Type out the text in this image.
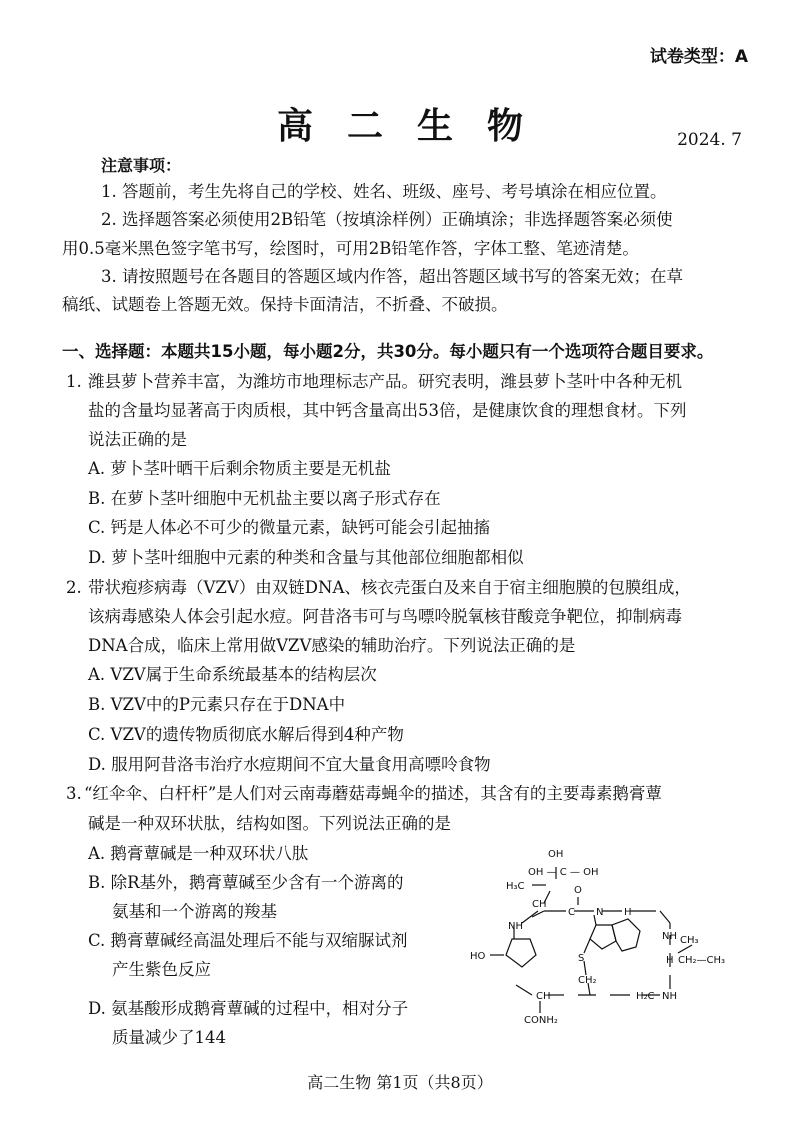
试卷类型：A
高二生物	2024. 7
注意事项：
1. 答题前，考生先将自己的学校、姓名、班级、座号、考号填涂在相应位置。
2. 选择题答案必须使用2B铅笔（按填涂样例）正确填涂；非选择题答案必须使
用0.5毫米黑色签字笔书写，绘图时，可用2B铅笔作答，字体工整、笔迹清楚。
3. 请按照题号在各题目的答题区域内作答，超出答题区域书写的答案无效；在草
稿纸、试题卷上答题无效。保持卡面清洁，不折叠、不破损。
一、选择题：本题共15小题，每小题2分，共30分。每小题只有一个选项符合题目要求。
1. 潍县萝卜营养丰富，为潍坊市地理标志产品。研究表明，潍县萝卜茎叶中各种无机
盐的含量均显著高于肉质根，其中钙含量高出53倍，是健康饮食的理想食材。下列
说法正确的是
A. 萝卜茎叶晒干后剩余物质主要是无机盐
B. 在萝卜茎叶细胞中无机盐主要以离子形式存在
C. 钙是人体必不可少的微量元素，缺钙可能会引起抽搐
D. 萝卜茎叶细胞中元素的种类和含量与其他部位细胞都相似
2. 带状疱疹病毒（VZV）由双链DNA、核衣壳蛋白及来自于宿主细胞膜的包膜组成，
该病毒感染人体会引起水痘。阿昔洛韦可与鸟嘌呤脱氧核苷酸竞争靶位，抑制病毒
DNA合成，临床上常用做VZV感染的辅助治疗。下列说法正确的是
A. VZV属于生命系统最基本的结构层次
B. VZV中的P元素只存在于DNA中
C. VZV的遗传物质彻底水解后得到4种产物
D. 服用阿昔洛韦治疗水痘期间不宜大量食用高嘌呤食物
3. “红伞伞、白杆杆”是人们对云南毒蘑菇毒蝇伞的描述，其含有的主要毒素鹅膏蕈
碱是一种双环状肽，结构如图。下列说法正确的是
A. 鹅膏蕈碱是一种双环状八肽
B. 除R基外，鹅膏蕈碱至少含有一个游离的
氨基和一个游离的羧基
C. 鹅膏蕈碱经高温处理后不能与双缩脲试剂
产生紫色反应
D. 氨基酸形成鹅膏蕈碱的过程中，相对分子
质量减少了144
OH
OH — C — OH
H₃C
CH
O
NH
C N H
HO	S
CH₂
NH CH₃
H CH₂—CH₃
NH
H₂C
CH
CONH₂
高二生物 第1页（共8页）
